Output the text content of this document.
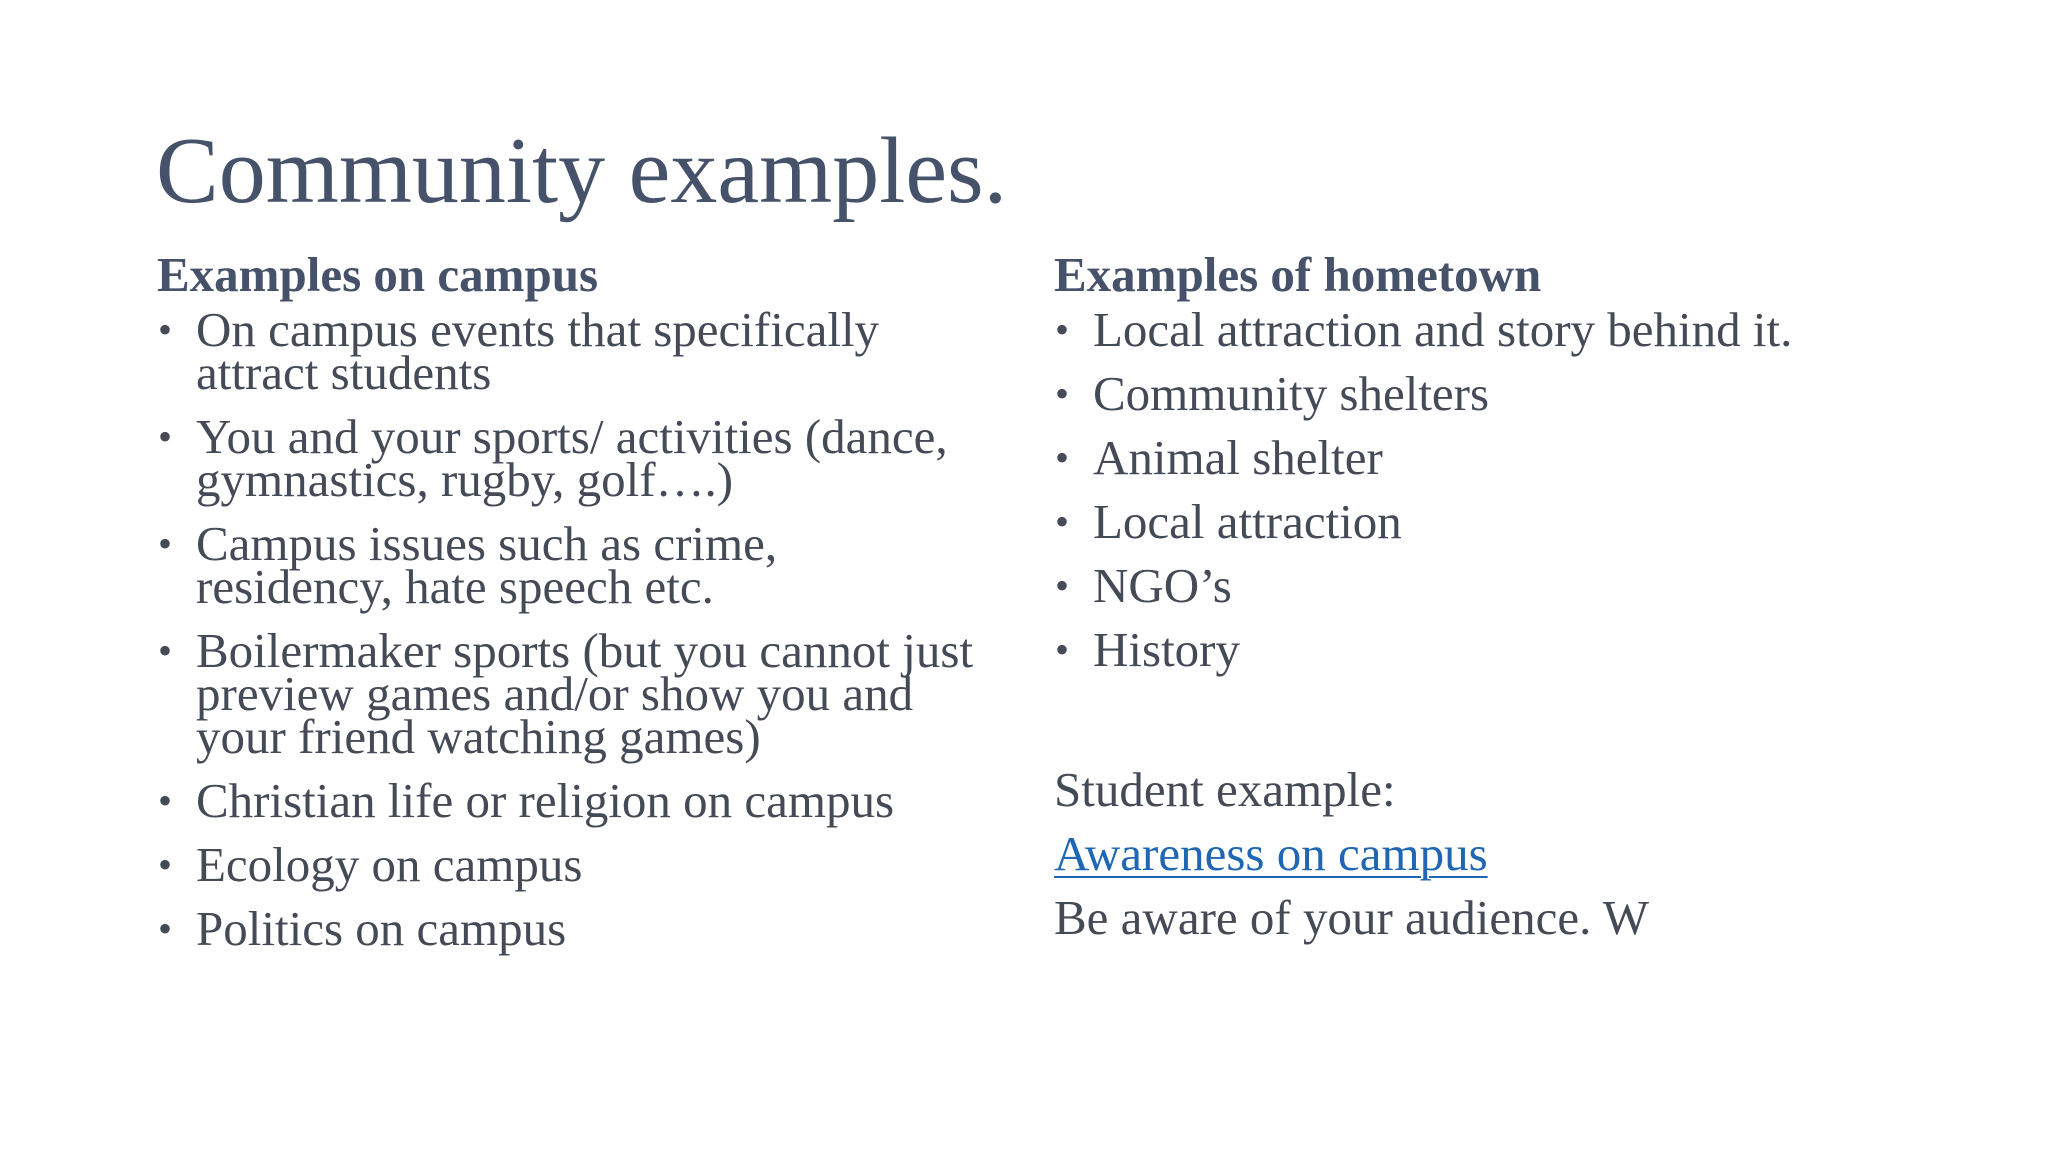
Community examples.
Examples on campus
• On campus events that specifically attract students
• You and your sports/ activities (dance, gymnastics, rugby, golf….)
• Campus issues such as crime, residency, hate speech etc.
• Boilermaker sports (but you cannot just preview games and/or show you and your friend watching games)
• Christian life or religion on campus
• Ecology on campus
• Politics on campus
Examples of hometown
• Local attraction and story behind it.
• Community shelters
• Animal shelter
• Local attraction
• NGO’s
• History
Student example:
Awareness on campus
Be aware of your audience. W
